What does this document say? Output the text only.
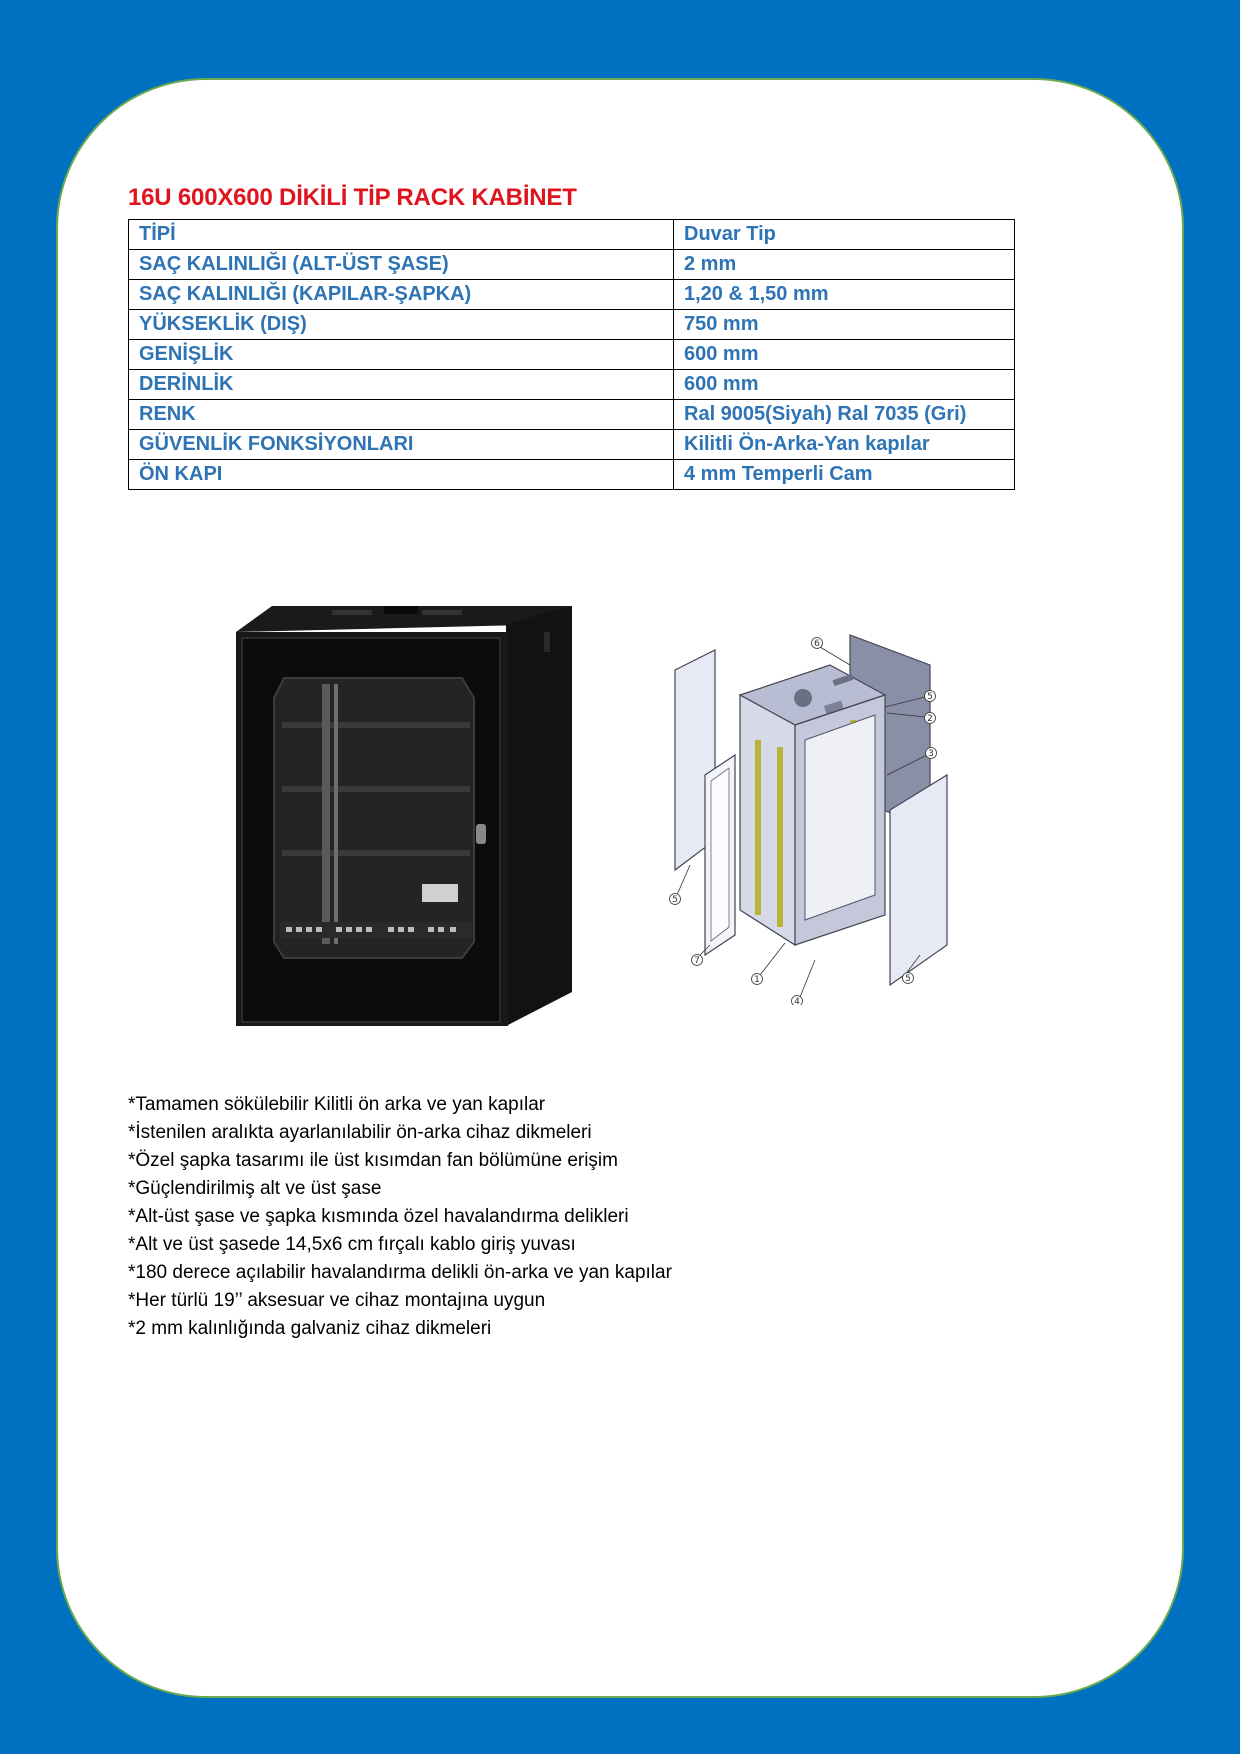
16U 600X600 DİKİLİ TİP RACK KABİNET
TİPİ	Duvar Tip
SAÇ KALINLIĞI (ALT-ÜST ŞASE)	2 mm
SAÇ KALINLIĞI (KAPILAR-ŞAPKA)	1,20 & 1,50 mm
YÜKSEKLİK (DIŞ)	750 mm
GENİŞLİK	600 mm
DERİNLİK	600 mm
RENK	Ral 9005(Siyah) Ral 7035 (Gri)
GÜVENLİK FONKSİYONLARI	Kilitli Ön-Arka-Yan kapılar
ÖN KAPI	4 mm Temperli Cam
6
5
2
3
5
7
1
4
5
*Tamamen sökülebilir Kilitli ön arka ve yan kapılar
*İstenilen aralıkta ayarlanılabilir ön-arka cihaz dikmeleri
*Özel şapka tasarımı ile üst kısımdan fan bölümüne erişim
*Güçlendirilmiş alt ve üst şase
*Alt-üst şase ve şapka kısmında özel havalandırma delikleri
*Alt ve üst şasede 14,5x6 cm fırçalı kablo giriş yuvası
*180 derece açılabilir havalandırma delikli ön-arka ve yan kapılar
*Her türlü 19’’ aksesuar ve cihaz montajına uygun
*2 mm kalınlığında galvaniz cihaz dikmeleri
